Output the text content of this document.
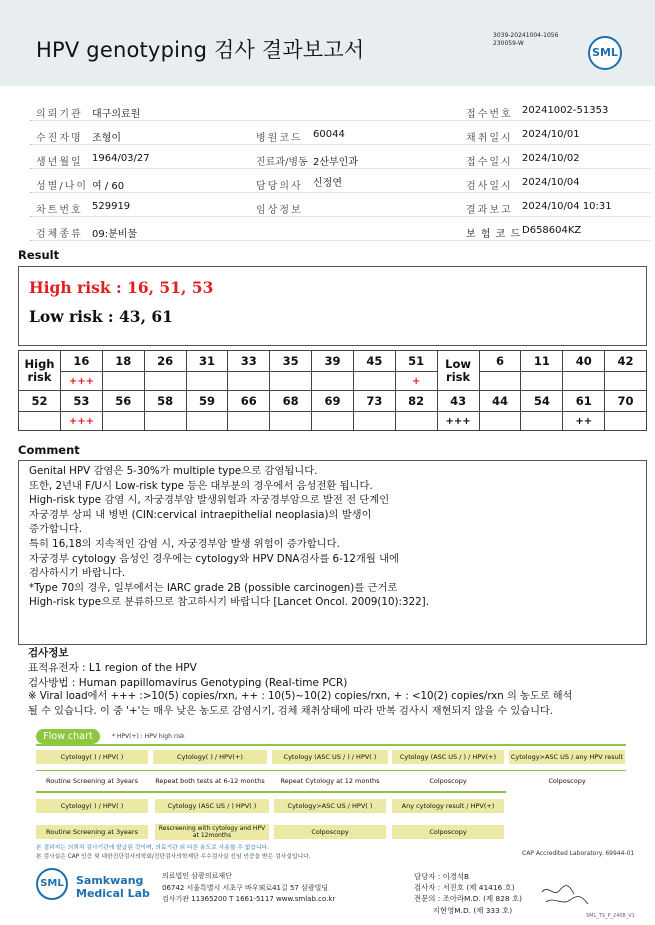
HPV genotyping 검사 결과보고서
3039-20241004-1056
230059-W
SML
의뢰기관 대구의료원	접수번호 20241002-51353
수진자명 조형이	병원코드 60044	채취일시 2024/10/01
생년월일 1964/03/27	진료과/병동 2산부인과	접수일시 2024/10/02
성별/나이 여 / 60	담당의사 신정연	검사일시 2024/10/04
차트번호 529919	임상정보	결과보고 2024/10/04 10:31
검체종류 09:분비물	보 험 코 드 D658604KZ
Result
High risk : 16, 51, 53
Low risk : 43, 61
High risk	16	18	26	31	33	35	39	45	51	Low risk	6	11	40	42
	+++								+					
52	53	56	58	59	66	68	69	73	82	43	44	54	61	70
	+++									+++			++	
Comment
Genital HPV 감염은 5-30%가 multiple type으로 감염됩니다.
또한, 2년내 F/U시 Low-risk type 등은 대부분의 경우에서 음성전환 됩니다.
High-risk type 감염 시, 자궁경부암 발생위험과 자궁경부암으로 발전 전 단계인
자궁경부 상피 내 병변 (CIN:cervical intraepithelial neoplasia)의 발생이
증가합니다.
특히 16,18의 지속적인 감염 시, 자궁경부암 발생 위험이 증가합니다.
자궁경부 cytology 음성인 경우에는 cytology와 HPV DNA검사를 6-12개월 내에
검사하시기 바랍니다.
*Type 70의 경우, 일부에서는 IARC grade 2B (possible carcinogen)를 근거로
High-risk type으로 분류하므로 참고하시기 바랍니다 [Lancet Oncol. 2009(10):322].
검사정보
표적유전자 : L1 region of the HPV
검사방법 : Human papillomavirus Genotyping (Real-time PCR)
※ Viral load에서 +++ :>10(5) copies/rxn, ++ : 10(5)~10(2) copies/rxn, + : <10(2) copies/rxn 의 농도로 해석
될 수 있습니다. 이 중 '+'는 매우 낮은 농도로 감염시기, 검체 채취상태에 따라 반복 검사시 재현되지 않을 수 있습니다.
Flow chart	* HPV(+) : HPV high risk
Cytology( ) / HPV( )	Cytology( ) / HPV(+)	Cytology (ASC US / ) / HPV( )	Cytology (ASC US / ) / HPV(+)	Cytology>ASC US / any HPV result
Routine Screening at 3years	Repeat both tests at 6-12 months	Repeat Cytology at 12 months	Colposcopy	Colposcopy
Cytology( ) / HPV( )	Cytology (ASC US / ) HPV( )	Cytology>ASC US / HPV( )	Any cytology result / HPV(+)
Routine Screening at 3years	Rescreening with cytology and HPV at 12months	Colposcopy	Colposcopy
본 결과지는 의뢰처 검사기관에 발급된 것이며, 의료기관 외 다른 용도로 사용할 수 없습니다.
본 검사실은 CAP 인증 및 대한진단검사의학회/진단검사의학재단 우수검사실 신임 인증을 받은 검사실입니다.	CAP Accredited Laboratory. 69944-01
SML	Samkwang
Medical Lab
의료법인 삼광의료재단
06742 서울특별시 서초구 바우뫼로41길 57 삼광빌딩
검사기관 11365200 T 1661-5117 www.smlab.co.kr
담당자 : 이경석B
검사자 : 서진호 (제 41416 호)
전문의 : 조아라M.D. (제 828 호)
지현영M.D. (제 333 호)
SML_TS_P_2408_V1
